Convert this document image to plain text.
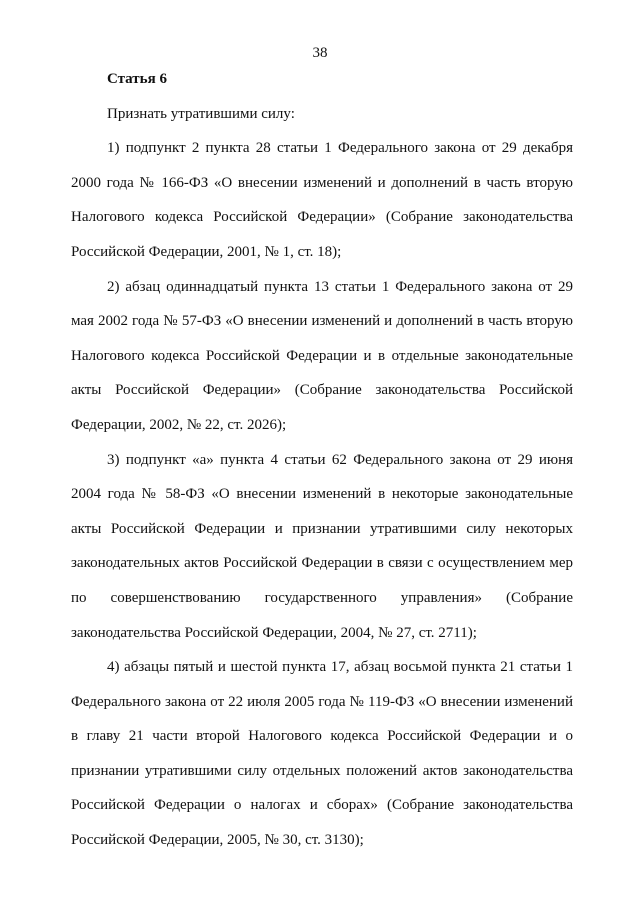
38

Статья 6

Признать утратившими силу:

1) подпункт 2 пункта 28 статьи 1 Федерального закона от 29 декабря 2000 года № 166-ФЗ «О внесении изменений и дополнений в часть вторую Налогового кодекса Российской Федерации» (Собрание законодательства Российской Федерации, 2001, № 1, ст. 18);

2) абзац одиннадцатый пункта 13 статьи 1 Федерального закона от 29 мая 2002 года № 57-ФЗ «О внесении изменений и дополнений в часть вторую Налогового кодекса Российской Федерации и в отдельные законодательные акты Российской Федерации» (Собрание законодательства Российской Федерации, 2002, № 22, ст. 2026);

3) подпункт «а» пункта 4 статьи 62 Федерального закона от 29 июня 2004 года № 58-ФЗ «О внесении изменений в некоторые законодательные акты Российской Федерации и признании утратившими силу некоторых законодательных актов Российской Федерации в связи с осуществлением мер по совершенствованию государственного управления» (Собрание законодательства Российской Федерации, 2004, № 27, ст. 2711);

4) абзацы пятый и шестой пункта 17, абзац восьмой пункта 21 статьи 1 Федерального закона от 22 июля 2005 года № 119-ФЗ «О внесении изменений в главу 21 части второй Налогового кодекса Российской Федерации и о признании утратившими силу отдельных положений актов законодательства Российской Федерации о налогах и сборах» (Собрание законодательства Российской Федерации, 2005, № 30, ст. 3130);
